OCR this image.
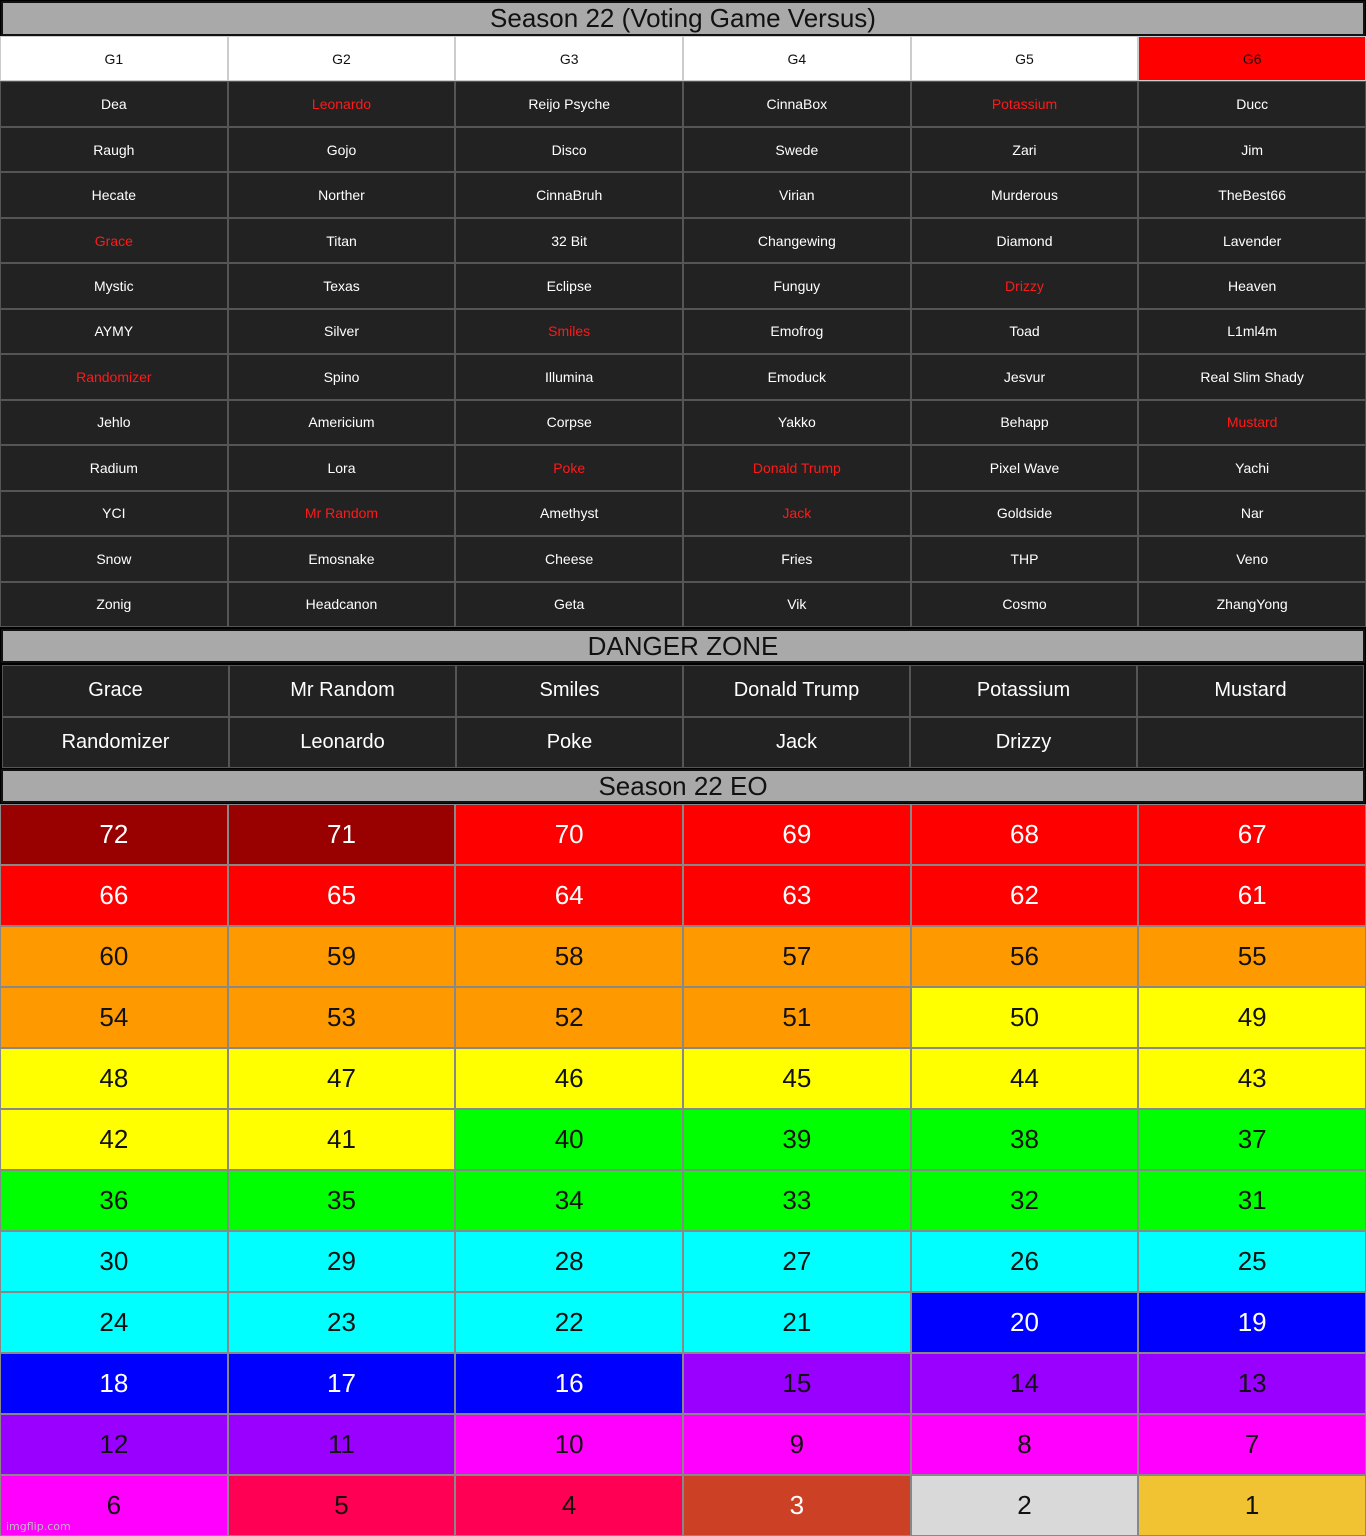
Season 22 (Voting Game Versus)
G1	G2	G3	G4	G5	G6
Dea	Leonardo	Reijo Psyche	CinnaBox	Potassium	Ducc
Raugh	Gojo	Disco	Swede	Zari	Jim
Hecate	Norther	CinnaBruh	Virian	Murderous	TheBest66
Grace	Titan	32 Bit	Changewing	Diamond	Lavender
Mystic	Texas	Eclipse	Funguy	Drizzy	Heaven
AYMY	Silver	Smiles	Emofrog	Toad	L1ml4m
Randomizer	Spino	Illumina	Emoduck	Jesvur	Real Slim Shady
Jehlo	Americium	Corpse	Yakko	Behapp	Mustard
Radium	Lora	Poke	Donald Trump	Pixel Wave	Yachi
YCI	Mr Random	Amethyst	Jack	Goldside	Nar
Snow	Emosnake	Cheese	Fries	THP	Veno
Zonig	Headcanon	Geta	Vik	Cosmo	ZhangYong
DANGER ZONE
Grace	Mr Random	Smiles	Donald Trump	Potassium	Mustard
Randomizer	Leonardo	Poke	Jack	Drizzy
Season 22 EO
72	71	70	69	68	67
66	65	64	63	62	61
60	59	58	57	56	55
54	53	52	51	50	49
48	47	46	45	44	43
42	41	40	39	38	37
36	35	34	33	32	31
30	29	28	27	26	25
24	23	22	21	20	19
18	17	16	15	14	13
12	11	10	9	8	7
6	5	4	3	2	1
imgflip.com
